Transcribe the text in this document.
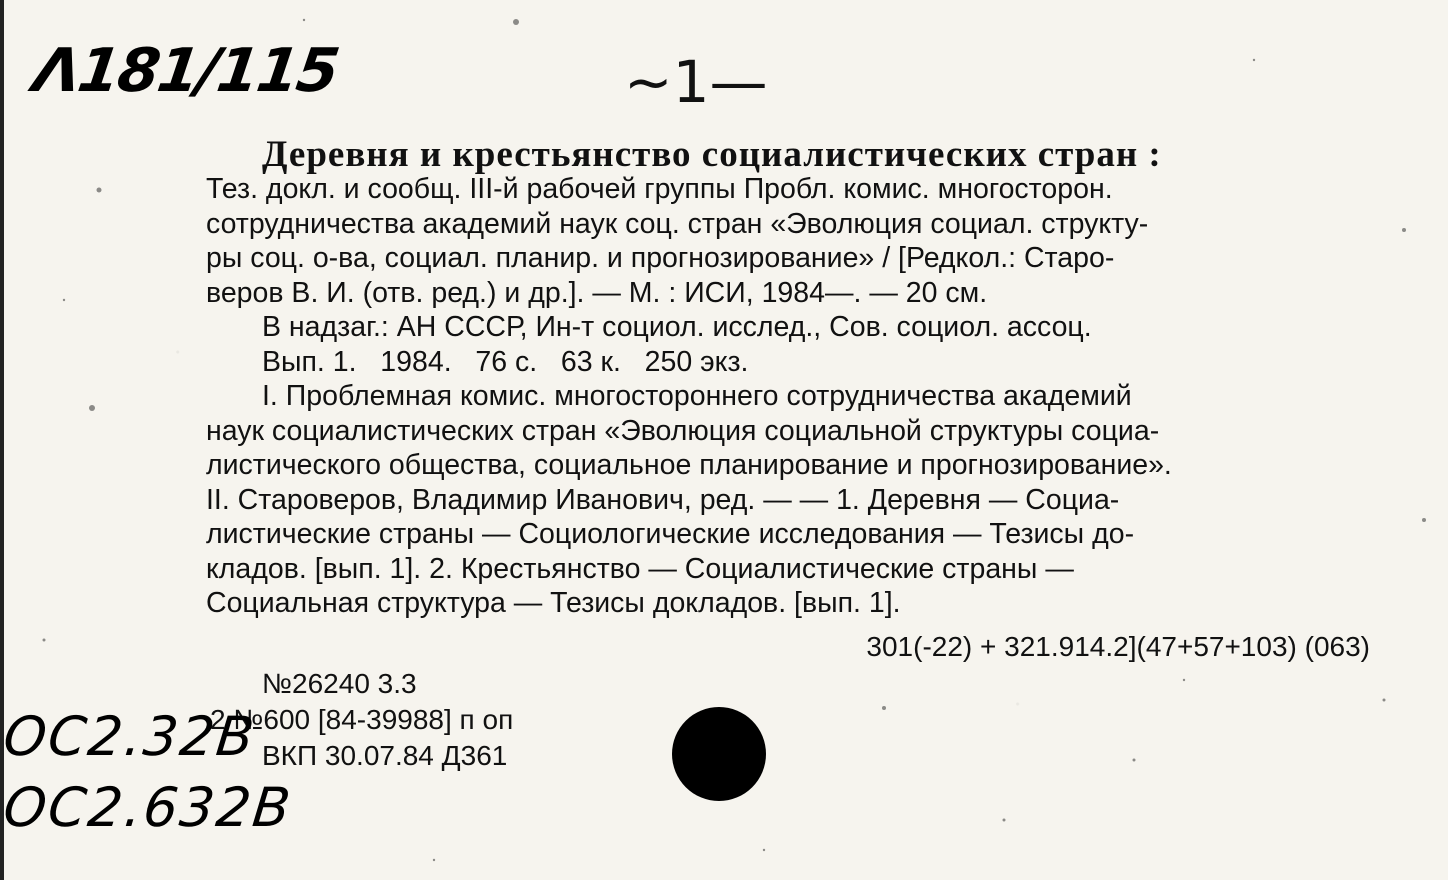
Λ181/115	~1—
Деревня и крестьянство социалистических стран :
Тез. докл. и сообщ. III-й рабочей группы Пробл. комис. многосторон.
сотрудничества академий наук соц. стран «Эволюция социал. структу-
ры соц. о-ва, социал. планир. и прогнозирование» / [Редкол.: Старо-
веров В. И. (отв. ред.) и др.]. — М. : ИСИ, 1984—. — 20 см.
В надзаг.: АН СССР, Ин-т социол. исслед., Сов. социол. ассоц.
Вып. 1.   1984.   76 с.   63 к.   250 экз.
I. Проблемная комис. многостороннего сотрудничества академий
наук социалистических стран «Эволюция социальной структуры социа-
листического общества, социальное планирование и прогнозирование».
II. Староверов, Владимир Иванович, ред. — — 1. Деревня — Социа-
листические страны — Социологические исследования — Тезисы до-
кладов. [вып. 1]. 2. Крестьянство — Социалистические страны —
Социальная структура — Тезисы докладов. [вып. 1].
301(-22) + 321.914.2](47+57+103) (063)
№26240 3.3
2 №600 [84-39988] п оп
ВКП 30.07.84 Д361
ОС2.32В
ОС2.632В
